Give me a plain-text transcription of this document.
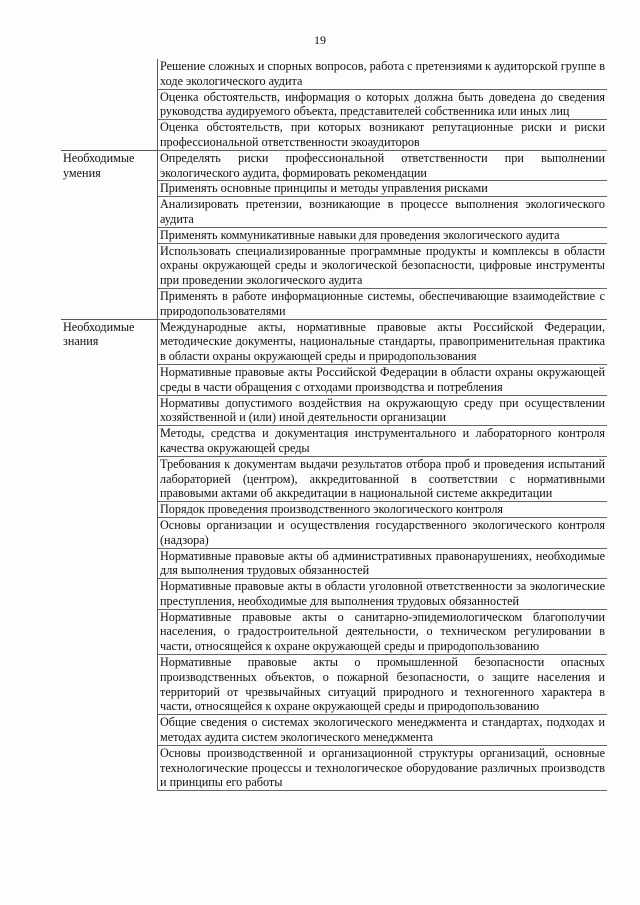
19
	Решение сложных и спорных вопросов, работа с претензиями к аудиторской группе в ходе экологического аудита
	Оценка обстоятельств, информация о которых должна быть доведена до сведения руководства аудируемого объекта, представителей собственника или иных лиц
	Оценка обстоятельств, при которых возникают репутационные риски и риски профессиональной ответственности экоаудиторов
Необходимые умения	Определять риски профессиональной ответственности при выполнении экологического аудита, формировать рекомендации
	Применять основные принципы и методы управления рисками
	Анализировать претензии, возникающие в процессе выполнения экологического аудита
	Применять коммуникативные навыки для проведения экологического аудита
	Использовать специализированные программные продукты и комплексы в области охраны окружающей среды и экологической безопасности, цифровые инструменты при проведении экологического аудита
	Применять в работе информационные системы, обеспечивающие взаимодействие с природопользователями
Необходимые знания	Международные акты, нормативные правовые акты Российской Федерации, методические документы, национальные стандарты, правоприменительная практика в области охраны окружающей среды и природопользования
	Нормативные правовые акты Российской Федерации в области охраны окружающей среды в части обращения с отходами производства и потребления
	Нормативы допустимого воздействия на окружающую среду при осуществлении хозяйственной и (или) иной деятельности организации
	Методы, средства и документация инструментального и лабораторного контроля качества окружающей среды
	Требования к документам выдачи результатов отбора проб и проведения испытаний лабораторией (центром), аккредитованной в соответствии с нормативными правовыми актами об аккредитации в национальной системе аккредитации
	Порядок проведения производственного экологического контроля
	Основы организации и осуществления государственного экологического контроля (надзора)
	Нормативные правовые акты об административных правонарушениях, необходимые для выполнения трудовых обязанностей
	Нормативные правовые акты в области уголовной ответственности за экологические преступления, необходимые для выполнения трудовых обязанностей
	Нормативные правовые акты о санитарно-эпидемиологическом благополучии населения, о градостроительной деятельности, о техническом регулировании в части, относящейся к охране окружающей среды и природопользованию
	Нормативные правовые акты о промышленной безопасности опасных производственных объектов, о пожарной безопасности, о защите населения и территорий от чрезвычайных ситуаций природного и техногенного характера в части, относящейся к охране окружающей среды и природопользованию
	Общие сведения о системах экологического менеджмента и стандартах, подходах и методах аудита систем экологического менеджмента
	Основы производственной и организационной структуры организаций, основные технологические процессы и технологическое оборудование различных производств и принципы его работы
